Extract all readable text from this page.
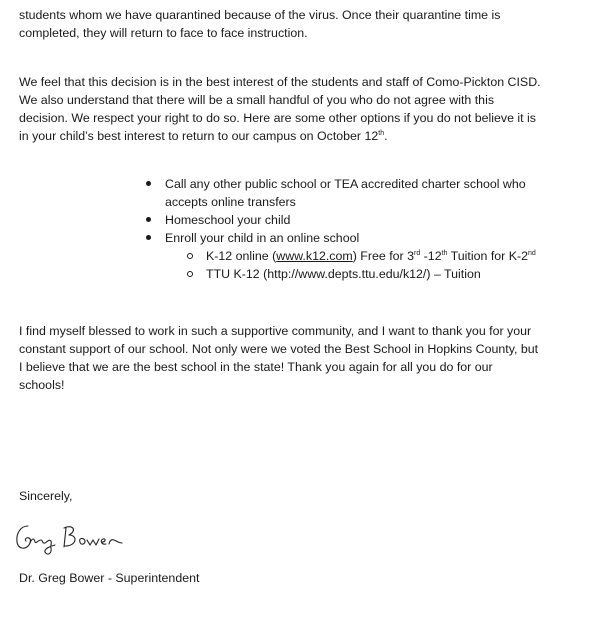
students whom we have quarantined because of the virus. Once their quarantine time is
completed, they will return to face to face instruction.

We feel that this decision is in the best interest of the students and staff of Como-Pickton CISD.
We also understand that there will be a small handful of you who do not agree with this
decision. We respect your right to do so. Here are some other options if you do not believe it is
in your child’s best interest to return to our campus on October 12th.

Call any other public school or TEA accredited charter school who
accepts online transfers
Homeschool your child
Enroll your child in an online school
K-12 online (www.k12.com) Free for 3rd -12th Tuition for K-2nd
TTU K-12 (http://www.depts.ttu.edu/k12/) – Tuition

I find myself blessed to work in such a supportive community, and I want to thank you for your
constant support of our school. Not only were we voted the Best School in Hopkins County, but
I believe that we are the best school in the state! Thank you again for all you do for our
schools!

Sincerely,
Dr. Greg Bower - Superintendent
